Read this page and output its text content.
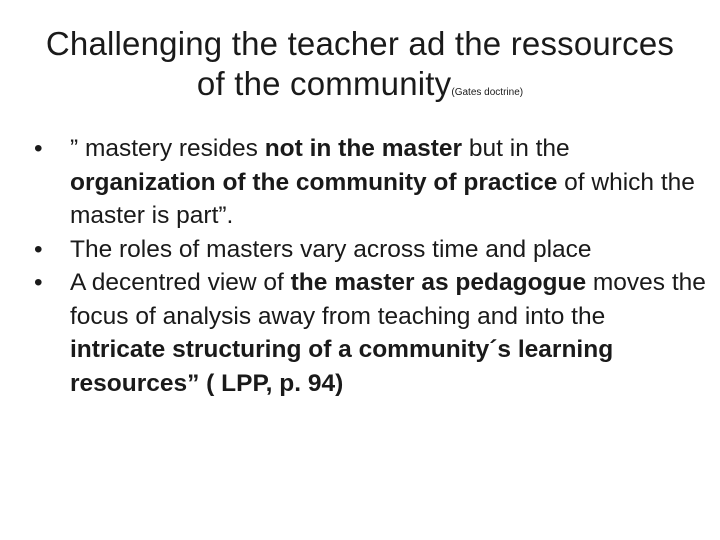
Challenging the teacher ad the ressources of the community(Gates doctrine)
• ” mastery resides not in the master but in the organization of the community of practice of which the master is part”.
• The roles of masters vary across time and place
• A decentred view of the master as pedagogue moves the focus of analysis away from teaching and into the intricate structuring of a community´s learning resources” ( LPP, p. 94)
